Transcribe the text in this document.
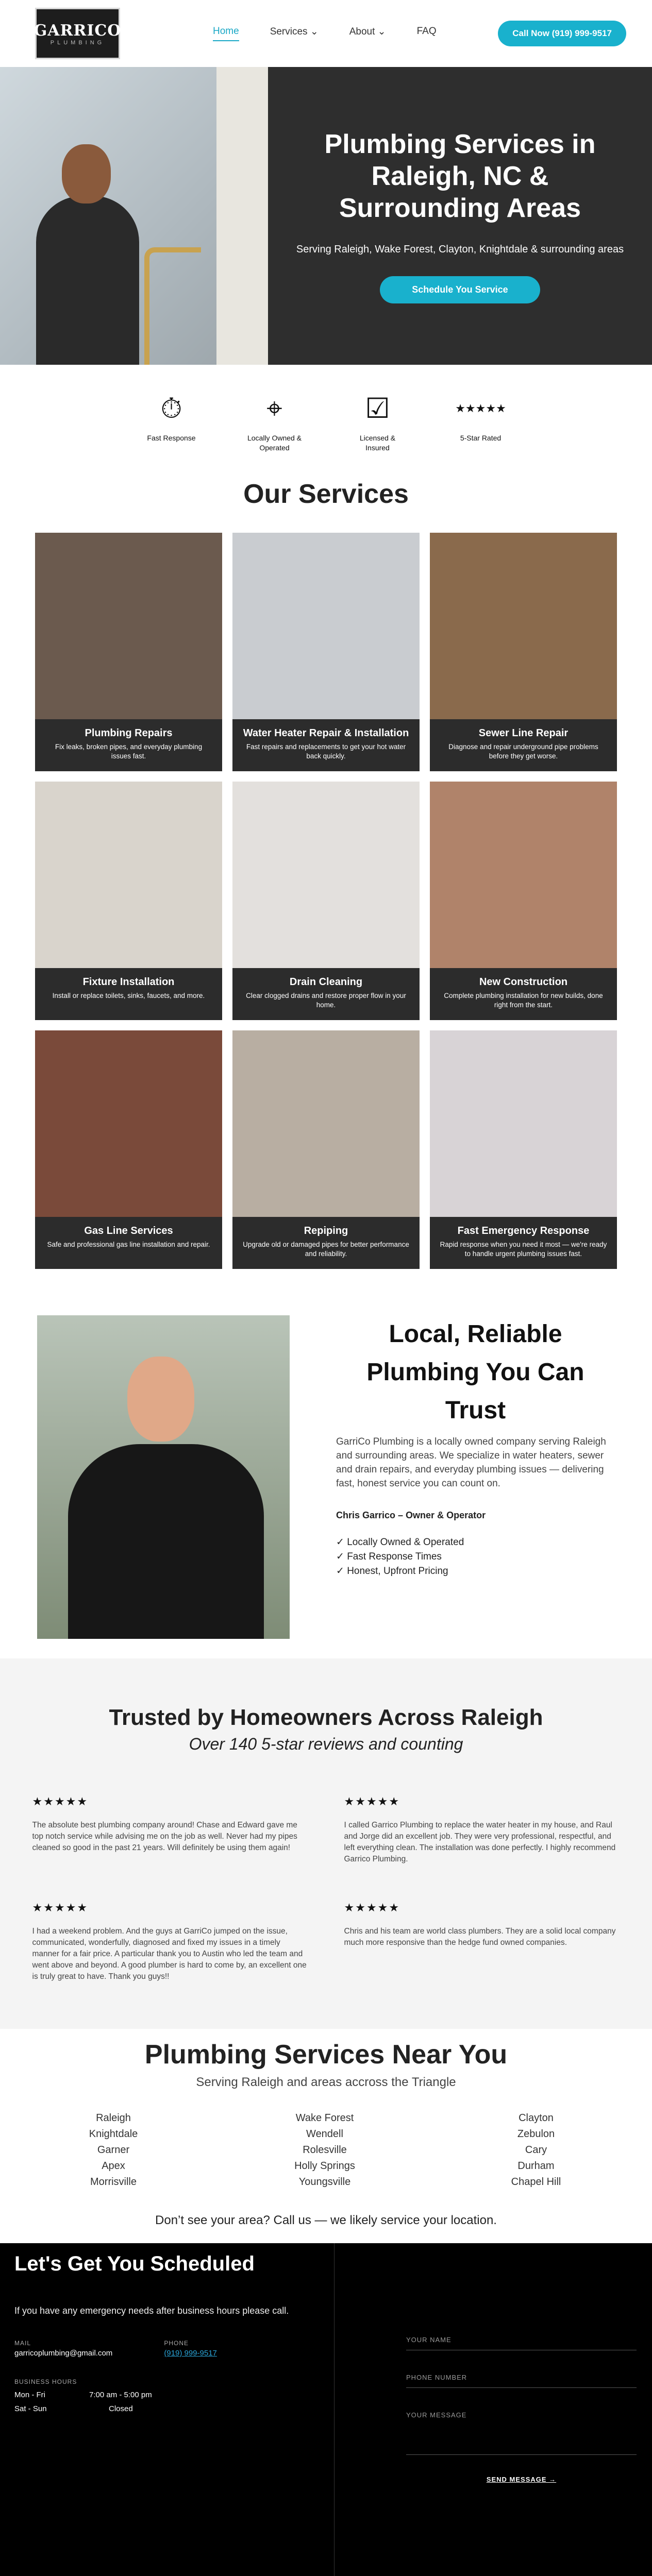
GARRICO
PLUMBING
Home	Services ⌄	About ⌄	FAQ	Call Now (919) 999-9517
Plumbing Services in Raleigh, NC & Surrounding Areas
Serving Raleigh, Wake Forest, Clayton, Knightdale & surrounding areas
Schedule You Service
⏱
Fast Response
⌖
Locally Owned & Operated
☑
Licensed & Insured
★★★★★
5-Star Rated
Our Services
Plumbing Repairs
Fix leaks, broken pipes, and everyday plumbing issues fast.
Water Heater Repair & Installation
Fast repairs and replacements to get your hot water back quickly.
Sewer Line Repair
Diagnose and repair underground pipe problems before they get worse.
Fixture Installation
Install or replace toilets, sinks, faucets, and more.
Drain Cleaning
Clear clogged drains and restore proper flow in your home.
New Construction
Complete plumbing installation for new builds, done right from the start.
Gas Line Services
Safe and professional gas line installation and repair.
Repiping
Upgrade old or damaged pipes for better performance and reliability.
Fast Emergency Response
Rapid response when you need it most — we're ready to handle urgent plumbing issues fast.
Local, Reliable Plumbing You Can Trust

GarriCo Plumbing is a locally owned company serving Raleigh and surrounding areas. We specialize in water heaters, sewer and drain repairs, and everyday plumbing issues — delivering fast, honest service you can count on.

Chris Garrico – Owner & Operator
✓ Locally Owned & Operated
✓ Fast Response Times
✓ Honest, Upfront Pricing
Trusted by Homeowners Across Raleigh
Over 140 5-star reviews and counting
★★★★★
The absolute best plumbing company around! Chase and Edward gave me top notch service while advising me on the job as well. Never had my pipes cleaned so good in the past 21 years. Will definitely be using them again!
★★★★★
I called Garrico Plumbing to replace the water heater in my house, and Raul and Jorge did an excellent job. They were very professional, respectful, and left everything clean. The installation was done perfectly. I highly recommend Garrico Plumbing.
★★★★★
I had a weekend problem. And the guys at GarriCo jumped on the issue, communicated, wonderfully, diagnosed and fixed my issues in a timely manner for a fair price. A particular thank you to Austin who led the team and went above and beyond. A good plumber is hard to come by, an excellent one is truly great to have. Thank you guys!!
★★★★★
Chris and his team are world class plumbers. They are a solid local company much more responsive than the hedge fund owned companies.
Plumbing Services Near You
Serving Raleigh and areas accross the Triangle
Raleigh
Knightdale
Garner
Apex
Morrisville
Wake Forest
Wendell
Rolesville
Holly Springs
Youngsville
Clayton
Zebulon
Cary
Durham
Chapel Hill
Don’t see your area? Call us — we likely service your location.
Let's Get You Scheduled
If you have any emergency needs after business hours please call.
MAIL
garricoplumbing@gmail.com
PHONE
(919) 999-9517
BUSINESS HOURS
Mon - Fri	7:00 am - 5:00 pm
Sat - Sun	Closed
YOUR NAME
PHONE NUMBER
YOUR MESSAGE
SEND MESSAGE →
